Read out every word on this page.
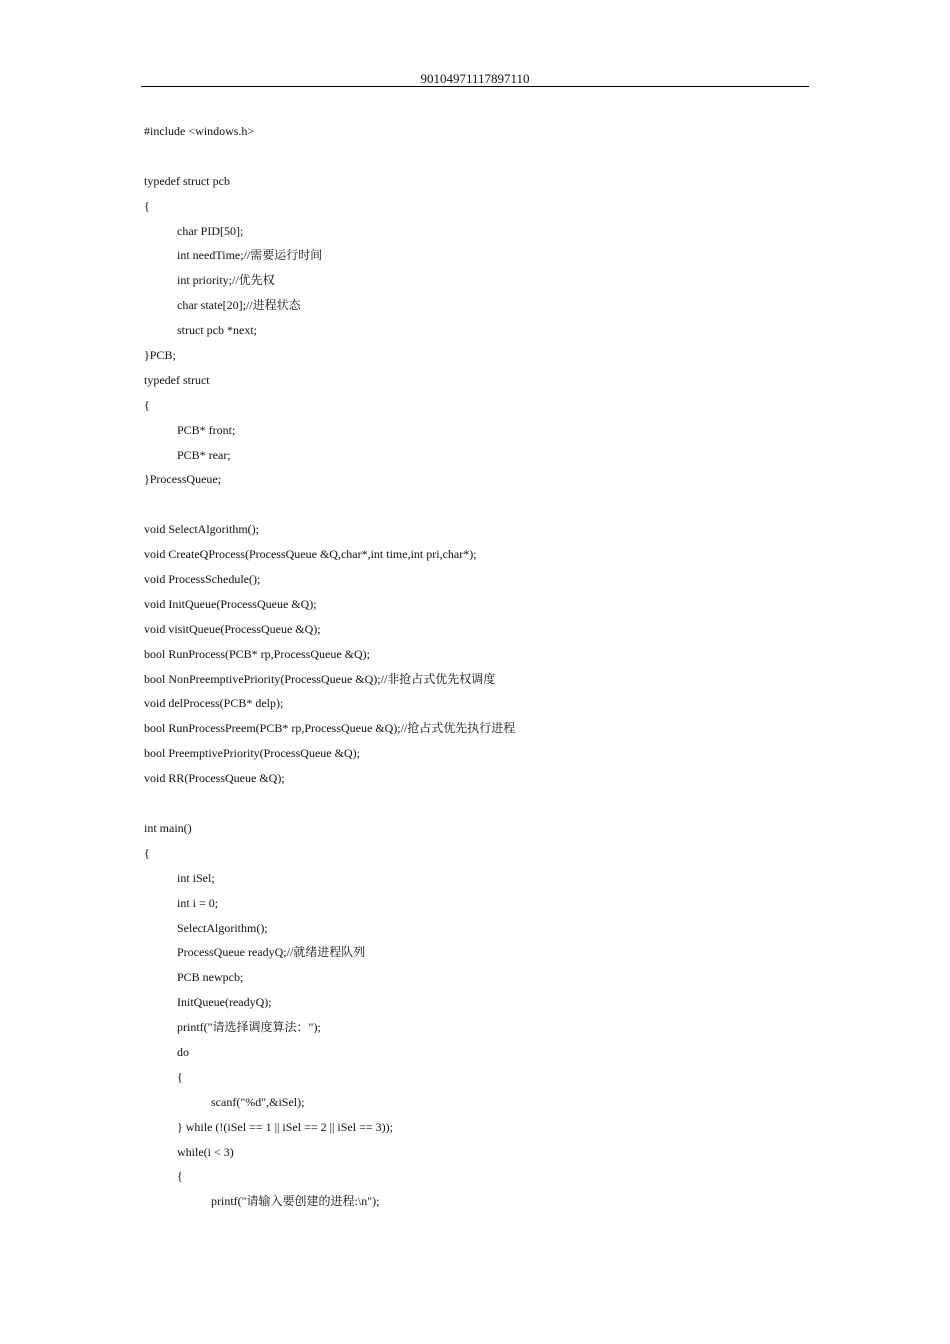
90104971117897110
#include <windows.h>
typedef struct pcb
{
char PID[50];
int needTime;//需要运行时间
int priority;//优先权
char state[20];//进程状态
struct pcb *next;
}PCB;
typedef struct
{
PCB* front;
PCB* rear;
}ProcessQueue;
void SelectAlgorithm();
void CreateQProcess(ProcessQueue &Q,char*,int time,int pri,char*);
void ProcessSchedule();
void InitQueue(ProcessQueue &Q);
void visitQueue(ProcessQueue &Q);
bool RunProcess(PCB* rp,ProcessQueue &Q);
bool NonPreemptivePriority(ProcessQueue &Q);//非抢占式优先权调度
void delProcess(PCB* delp);
bool RunProcessPreem(PCB* rp,ProcessQueue &Q);//抢占式优先执行进程
bool PreemptivePriority(ProcessQueue &Q);
void RR(ProcessQueue &Q);
int main()
{
int iSel;
int i = 0;
SelectAlgorithm();
ProcessQueue readyQ;//就绪进程队列
PCB newpcb;
InitQueue(readyQ);
printf("请选择调度算法：");
do
{
scanf("%d",&iSel);
} while (!(iSel == 1 || iSel == 2 || iSel == 3));
while(i < 3)
{
printf("请输入要创建的进程:\n");
